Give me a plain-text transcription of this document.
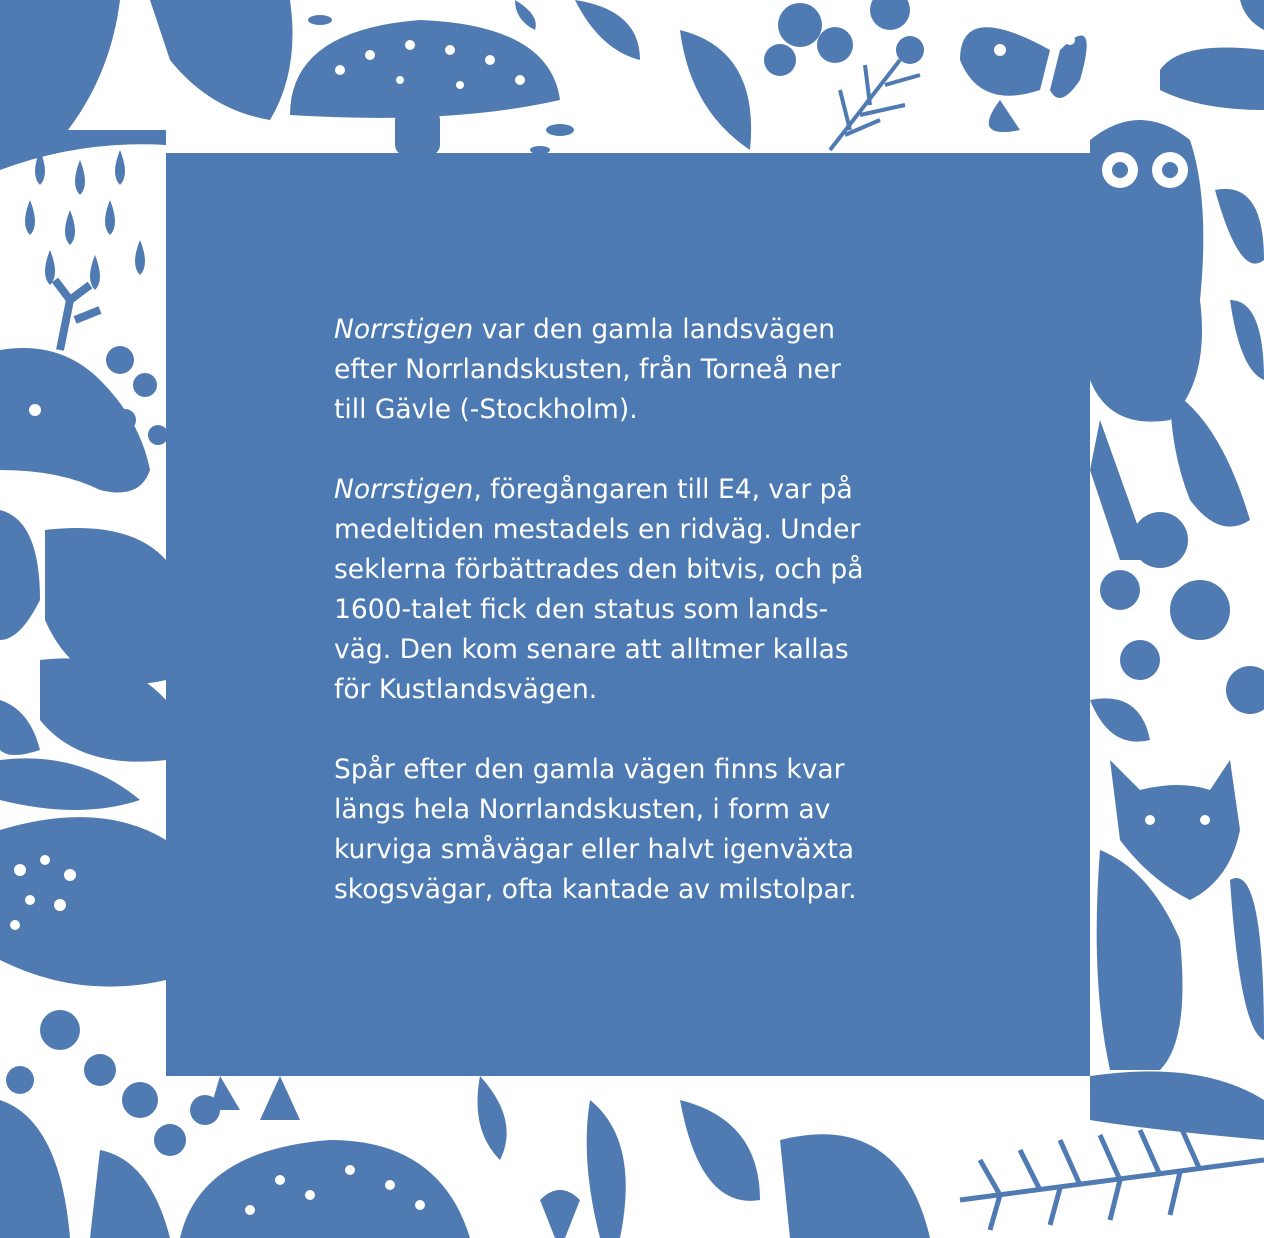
Norrstigen var den gamla landsvägen
efter Norrlandskusten, från Torneå ner
till Gävle (-Stockholm).

Norrstigen, föregångaren till E4, var på
medeltiden mestadels en ridväg. Under
seklerna förbättrades den bitvis, och på
1600-talet fick den status som lands-
väg. Den kom senare att alltmer kallas
för Kustlandsvägen.

Spår efter den gamla vägen finns kvar
längs hela Norrlandskusten, i form av
kurviga småvägar eller halvt igenväxta
skogsvägar, ofta kantade av milstolpar.
